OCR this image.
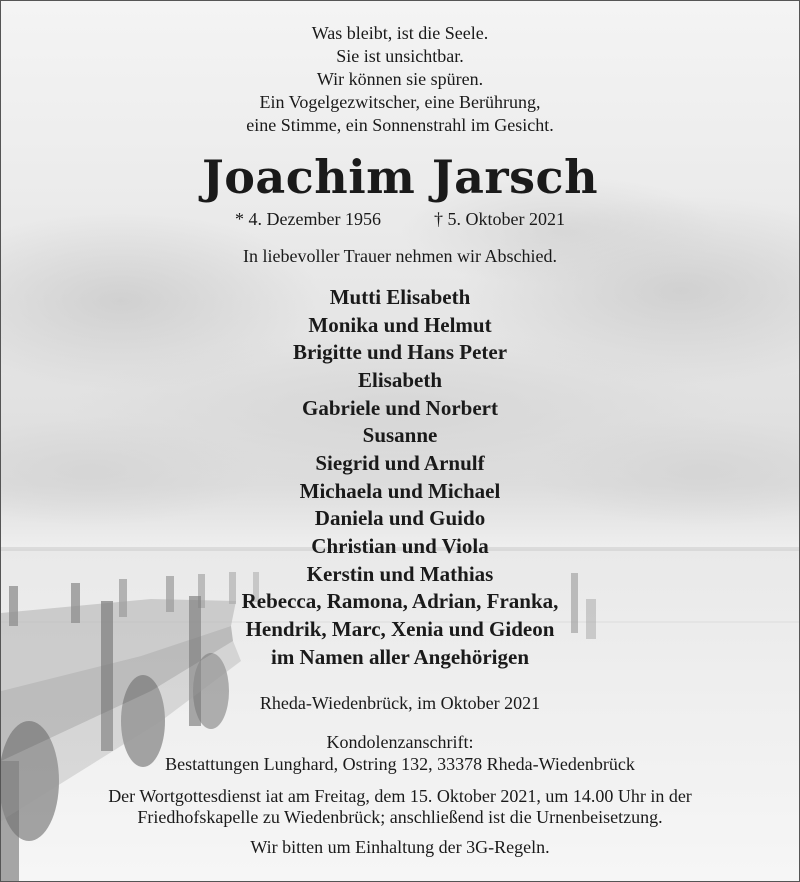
Was bleibt, ist die Seele.
Sie ist unsichtbar.
Wir können sie spüren.
Ein Vogelgezwitscher, eine Berührung,
eine Stimme, ein Sonnenstrahl im Gesicht.
Joachim Jarsch
* 4. Dezember 1956	† 5. Oktober 2021
In liebevoller Trauer nehmen wir Abschied.
Mutti Elisabeth
Monika und Helmut
Brigitte und Hans Peter
Elisabeth
Gabriele und Norbert
Susanne
Siegrid und Arnulf
Michaela und Michael
Daniela und Guido
Christian und Viola
Kerstin und Mathias
Rebecca, Ramona, Adrian, Franka,
Hendrik, Marc, Xenia und Gideon
im Namen aller Angehörigen
Rheda-Wiedenbrück, im Oktober 2021
Kondolenzanschrift:
Bestattungen Lunghard, Ostring 132, 33378 Rheda-Wiedenbrück
Der Wortgottesdienst iat am Freitag, dem 15. Oktober 2021, um 14.00 Uhr in der
Friedhofskapelle zu Wiedenbrück; anschließend ist die Urnenbeisetzung.
Wir bitten um Einhaltung der 3G-Regeln.
